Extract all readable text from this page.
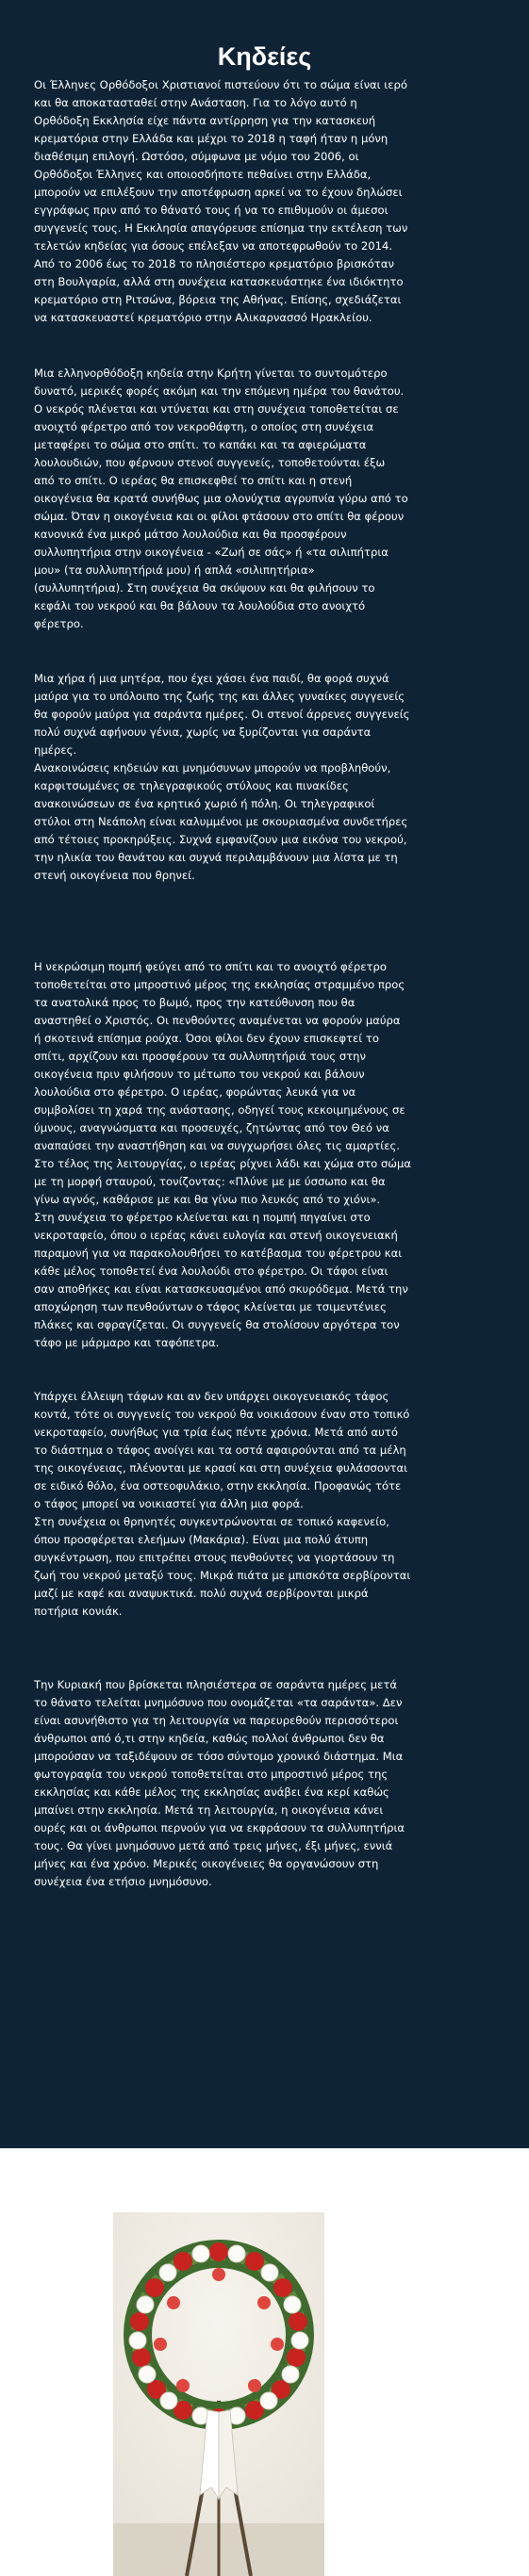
Κηδείες

Οι Έλληνες Ορθόδοξοι Χριστιανοί πιστεύουν ότι το σώμα είναι ιερό
και θα αποκατασταθεί στην Ανάσταση. Για το λόγο αυτό η
Ορθόδοξη Εκκλησία είχε πάντα αντίρρηση για την κατασκευή
κρεματόρια στην Ελλάδα και μέχρι το 2018 η ταφή ήταν η μόνη
διαθέσιμη επιλογή. Ωστόσο, σύμφωνα με νόμο του 2006, οι
Ορθόδοξοι Έλληνες και οποιοσδήποτε πεθαίνει στην Ελλάδα,
μπορούν να επιλέξουν την αποτέφρωση αρκεί να το έχουν δηλώσει
εγγράφως πριν από το θάνατό τους ή να το επιθυμούν οι άμεσοι
συγγενείς τους. Η Εκκλησία απαγόρευσε επίσημα την εκτέλεση των
τελετών κηδείας για όσους επέλεξαν να αποτεφρωθούν το 2014.
Από το 2006 έως το 2018 το πλησιέστερο κρεματόριο βρισκόταν
στη Βουλγαρία, αλλά στη συνέχεια κατασκευάστηκε ένα ιδιόκτητο
κρεματόριο στη Ριτσώνα, βόρεια της Αθήνας. Επίσης, σχεδιάζεται
να κατασκευαστεί κρεματόριο στην Αλικαρνασσό Ηρακλείου.

Μια ελληνορθόδοξη κηδεία στην Κρήτη γίνεται το συντομότερο
δυνατό, μερικές φορές ακόμη και την επόμενη ημέρα του θανάτου.
Ο νεκρός πλένεται και ντύνεται και στη συνέχεια τοποθετείται σε
ανοιχτό φέρετρο από τον νεκροθάφτη, ο οποίος στη συνέχεια
μεταφέρει το σώμα στο σπίτι. το καπάκι και τα αφιερώματα
λουλουδιών, που φέρνουν στενοί συγγενείς, τοποθετούνται έξω
από το σπίτι. Ο ιερέας θα επισκεφθεί το σπίτι και η στενή
οικογένεια θα κρατά συνήθως μια ολονύχτια αγρυπνία γύρω από το
σώμα. Όταν η οικογένεια και οι φίλοι φτάσουν στο σπίτι θα φέρουν
κανονικά ένα μικρό μάτσο λουλούδια και θα προσφέρουν
συλλυπητήρια στην οικογένεια - «Ζωή σε σάς» ή «τα σιλιπήτρια
μου» (τα συλλυπητήριά μου) ή απλά «σιλιπητήρια»
(συλλυπητήρια). Στη συνέχεια θα σκύψουν και θα φιλήσουν το
κεφάλι του νεκρού και θα βάλουν τα λουλούδια στο ανοιχτό
φέρετρο.

Μια χήρα ή μια μητέρα, που έχει χάσει ένα παιδί, θα φορά συχνά
μαύρα για το υπόλοιπο της ζωής της και άλλες γυναίκες συγγενείς
θα φορούν μαύρα για σαράντα ημέρες. Οι στενοί άρρενες συγγενείς
πολύ συχνά αφήνουν γένια, χωρίς να ξυρίζονται για σαράντα
ημέρες.
Ανακοινώσεις κηδειών και μνημόσυνων μπορούν να προβληθούν,
καρφιτσωμένες σε τηλεγραφικούς στύλους και πινακίδες
ανακοινώσεων σε ένα κρητικό χωριό ή πόλη. Οι τηλεγραφικοί
στύλοι στη Νεάπολη είναι καλυμμένοι με σκουριασμένα συνδετήρες
από τέτοιες προκηρύξεις. Συχνά εμφανίζουν μια εικόνα του νεκρού,
την ηλικία του θανάτου και συχνά περιλαμβάνουν μια λίστα με τη
στενή οικογένεια που θρηνεί.

Η νεκρώσιμη πομπή φεύγει από το σπίτι και το ανοιχτό φέρετρο
τοποθετείται στο μπροστινό μέρος της εκκλησίας στραμμένο προς
τα ανατολικά προς το βωμό, προς την κατεύθυνση που θα
αναστηθεί ο Χριστός. Οι πενθούντες αναμένεται να φορούν μαύρα
ή σκοτεινά επίσημα ρούχα. Όσοι φίλοι δεν έχουν επισκεφτεί το
σπίτι, αρχίζουν και προσφέρουν τα συλλυπητήριά τους στην
οικογένεια πριν φιλήσουν το μέτωπο του νεκρού και βάλουν
λουλούδια στο φέρετρο. Ο ιερέας, φορώντας λευκά για να
συμβολίσει τη χαρά της ανάστασης, οδηγεί τους κεκοιμημένους σε
ύμνους, αναγνώσματα και προσευχές, ζητώντας από τον Θεό να
αναπαύσει την αναστήθηση και να συγχωρήσει όλες τις αμαρτίες.
Στο τέλος της λειτουργίας, ο ιερέας ρίχνει λάδι και χώμα στο σώμα
με τη μορφή σταυρού, τονίζοντας: «Πλύνε με με ύσσωπο και θα
γίνω αγνός, καθάρισε με και θα γίνω πιο λευκός από το χιόνι».
Στη συνέχεια το φέρετρο κλείνεται και η πομπή πηγαίνει στο
νεκροταφείο, όπου ο ιερέας κάνει ευλογία και στενή οικογενειακή
παραμονή για να παρακολουθήσει το κατέβασμα του φέρετρου και
κάθε μέλος τοποθετεί ένα λουλούδι στο φέρετρο. Οι τάφοι είναι
σαν αποθήκες και είναι κατασκευασμένοι από σκυρόδεμα. Μετά την
αποχώρηση των πενθούντων ο τάφος κλείνεται με τσιμεντένιες
πλάκες και σφραγίζεται. Οι συγγενείς θα στολίσουν αργότερα τον
τάφο με μάρμαρο και ταφόπετρα.

Υπάρχει έλλειψη τάφων και αν δεν υπάρχει οικογενειακός τάφος
κοντά, τότε οι συγγενείς του νεκρού θα νοικιάσουν έναν στο τοπικό
νεκροταφείο, συνήθως για τρία έως πέντε χρόνια. Μετά από αυτό
το διάστημα ο τάφος ανοίγει και τα οστά αφαιρούνται από τα μέλη
της οικογένειας, πλένονται με κρασί και στη συνέχεια φυλάσσονται
σε ειδικό θόλο, ένα οστεοφυλάκιο, στην εκκλησία. Προφανώς τότε
ο τάφος μπορεί να νοικιαστεί για άλλη μια φορά.
Στη συνέχεια οι θρηνητές συγκεντρώνονται σε τοπικό καφενείο,
όπου προσφέρεται ελεήμων (Μακάρια). Είναι μια πολύ άτυπη
συγκέντρωση, που επιτρέπει στους πενθούντες να γιορτάσουν τη
ζωή του νεκρού μεταξύ τους. Μικρά πιάτα με μπισκότα σερβίρονται
μαζί με καφέ και αναψυκτικά. πολύ συχνά σερβίρονται μικρά
ποτήρια κονιάκ.

Την Κυριακή που βρίσκεται πλησιέστερα σε σαράντα ημέρες μετά
το θάνατο τελείται μνημόσυνο που ονομάζεται «τα σαράντα». Δεν
είναι ασυνήθιστο για τη λειτουργία να παρευρεθούν περισσότεροι
άνθρωποι από ό,τι στην κηδεία, καθώς πολλοί άνθρωποι δεν θα
μπορούσαν να ταξιδέψουν σε τόσο σύντομο χρονικό διάστημα. Μια
φωτογραφία του νεκρού τοποθετείται στο μπροστινό μέρος της
εκκλησίας και κάθε μέλος της εκκλησίας ανάβει ένα κερί καθώς
μπαίνει στην εκκλησία. Μετά τη λειτουργία, η οικογένεια κάνει
ουρές και οι άνθρωποι περνούν για να εκφράσουν τα συλλυπητήρια
τους. Θα γίνει μνημόσυνο μετά από τρεις μήνες, έξι μήνες, εννιά
μήνες και ένα χρόνο. Μερικές οικογένειες θα οργανώσουν στη
συνέχεια ένα ετήσιο μνημόσυνο.
